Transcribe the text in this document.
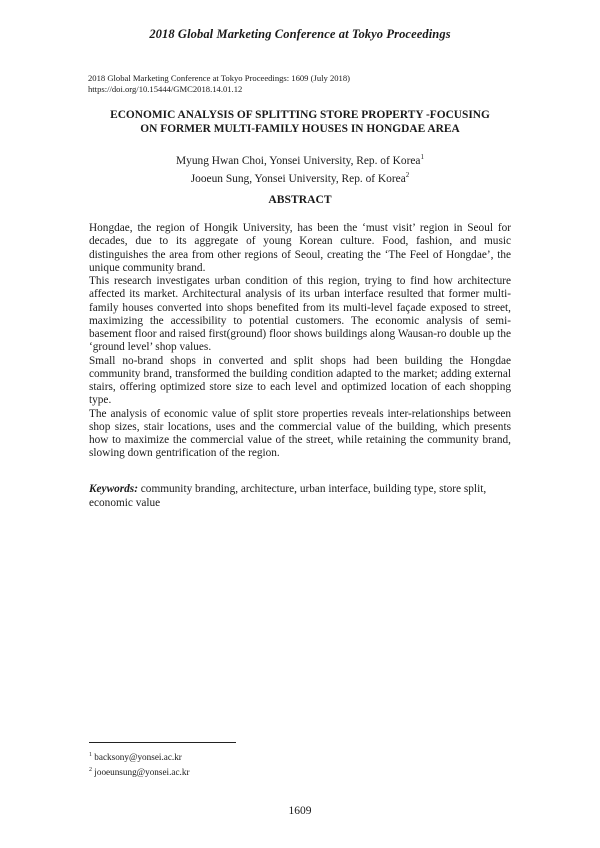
2018 Global Marketing Conference at Tokyo Proceedings
2018 Global Marketing Conference at Tokyo Proceedings: 1609 (July 2018)
https://doi.org/10.15444/GMC2018.14.01.12
ECONOMIC ANALYSIS OF SPLITTING STORE PROPERTY -FOCUSING
ON FORMER MULTI-FAMILY HOUSES IN HONGDAE AREA
Myung Hwan Choi, Yonsei University, Rep. of Korea$^1$
Jooeun Sung, Yonsei University, Rep. of Korea$^2$
ABSTRACT

Hongdae, the region of Hongik University, has been the ‘must visit’ region in Seoul for decades, due to its aggregate of young Korean culture. Food, fashion, and music distinguishes the area from other regions of Seoul, creating the ‘The Feel of Hongdae’, the unique community brand.

This research investigates urban condition of this region, trying to find how architecture affected its market. Architectural analysis of its urban interface resulted that former multi-family houses converted into shops benefited from its multi-level façade exposed to street, maximizing the accessibility to potential customers. The economic analysis of semi-basement floor and raised first(ground) floor shows buildings along Wausan-ro double up the ‘ground level’ shop values.

Small no-brand shops in converted and split shops had been building the Hongdae community brand, transformed the building condition adapted to the market; adding external stairs, offering optimized store size to each level and optimized location of each shopping type.

The analysis of economic value of split store properties reveals inter-relationships between shop sizes, stair locations, uses and the commercial value of the building, which presents how to maximize the commercial value of the street, while retaining the community brand, slowing down gentrification of the region.

Keywords: community branding, architecture, urban interface, building type, store split, economic value
$^1$ backsony@yonsei.ac.kr
$^2$ jooeunsung@yonsei.ac.kr
1609
